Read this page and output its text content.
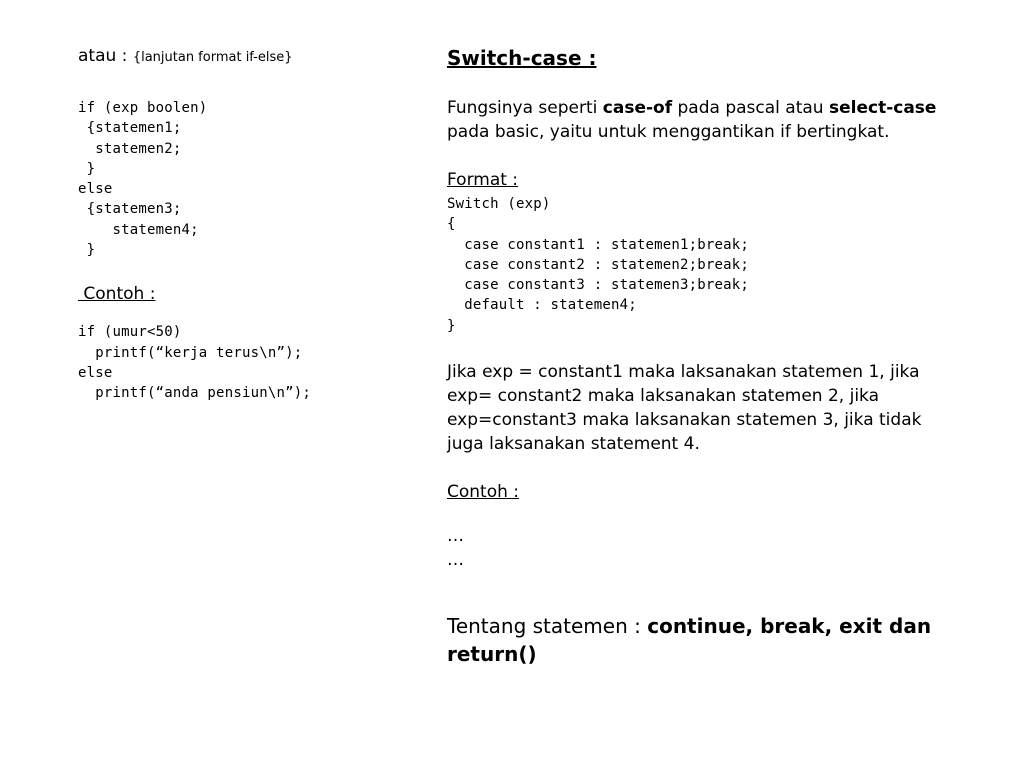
atau : {lanjutan format if-else}
if (exp boolen)
{statemen1;
statemen2;
}
else
{statemen3;
statemen4;
}
Contoh :
if (umur<50)
printf(“kerja terus\n”);
else
printf(“anda pensiun\n”);
Switch-case :
Fungsinya seperti case-of pada pascal atau select-case pada basic, yaitu untuk menggantikan if bertingkat.
Format :
Switch (exp)
{
case constant1 : statemen1;break;
case constant2 : statemen2;break;
case constant3 : statemen3;break;
default : statemen4;
}
Jika exp = constant1 maka laksanakan statemen 1, jika exp= constant2 maka laksanakan statemen 2, jika exp=constant3 maka laksanakan statemen 3, jika tidak juga laksanakan statement 4.
Contoh :
…
…
Tentang statemen : continue, break, exit dan return()
